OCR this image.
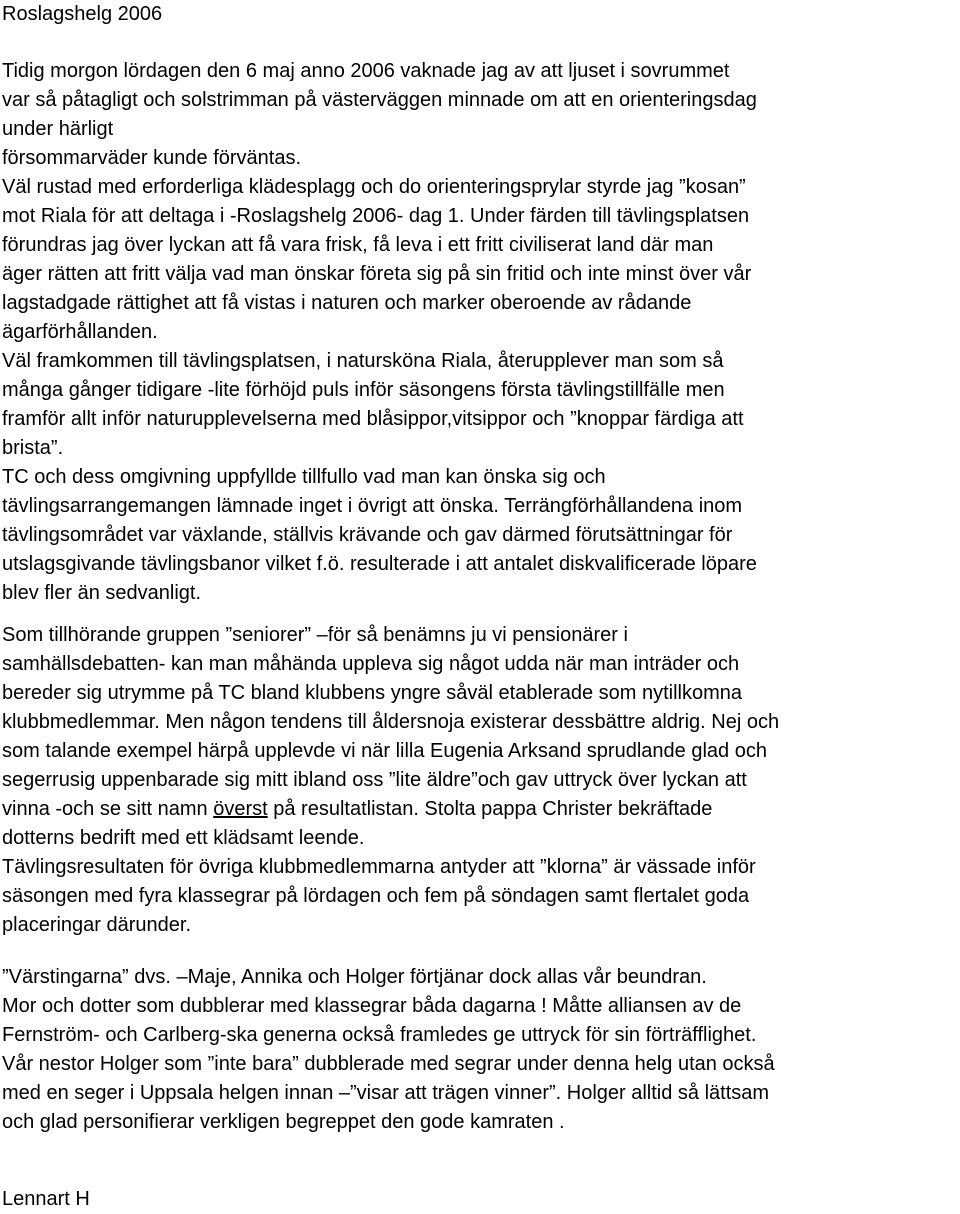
Roslagshelg 2006
Tidig morgon lördagen den 6 maj anno 2006 vaknade jag av att ljuset i sovrummet
var så påtagligt och solstrimman på västerväggen minnade om att en orienteringsdag
under härligt
försommarväder kunde förväntas.
Väl rustad med erforderliga klädesplagg och do orienteringsprylar styrde jag ”kosan”
mot Riala för att deltaga i -Roslagshelg 2006- dag 1. Under färden till tävlingsplatsen
förundras jag över lyckan att få vara frisk, få leva i ett fritt civiliserat land där man
äger rätten att fritt välja vad man önskar företa sig på sin fritid och inte minst över vår
lagstadgade rättighet att få vistas i naturen och marker oberoende av rådande
ägarförhållanden.
Väl framkommen till tävlingsplatsen, i natursköna Riala, återupplever man som så
många gånger tidigare -lite förhöjd puls inför säsongens första tävlingstillfälle men
framför allt inför naturupplevelserna med blåsippor,vitsippor och ”knoppar färdiga att
brista”.
TC och dess omgivning uppfyllde tillfullo vad man kan önska sig och
tävlingsarrangemangen lämnade inget i övrigt att önska. Terrängförhållandena inom
tävlingsområdet var växlande, ställvis krävande och gav därmed förutsättningar för
utslagsgivande tävlingsbanor vilket f.ö. resulterade i att antalet diskvalificerade löpare
blev fler än sedvanligt.
Som tillhörande gruppen ”seniorer” –för så benämns ju vi pensionärer i
samhällsdebatten- kan man måhända uppleva sig något udda när man inträder och
bereder sig utrymme på TC bland klubbens yngre såväl etablerade som nytillkomna
klubbmedlemmar. Men någon tendens till åldersnoja existerar dessbättre aldrig. Nej och
som talande exempel härpå upplevde vi när lilla Eugenia Arksand sprudlande glad och
segerrusig uppenbarade sig mitt ibland oss ”lite äldre”och gav uttryck över lyckan att
vinna -och se sitt namn överst på resultatlistan. Stolta pappa Christer bekräftade
dotterns bedrift med ett klädsamt leende.
Tävlingsresultaten för övriga klubbmedlemmarna antyder att ”klorna” är vässade inför
säsongen med fyra klassegrar på lördagen och fem på söndagen samt flertalet goda
placeringar därunder.
”Värstingarna” dvs. –Maje, Annika och Holger förtjänar dock allas vår beundran.
Mor och dotter som dubblerar med klassegrar båda dagarna ! Måtte alliansen av de
Fernström- och Carlberg-ska generna också framledes ge uttryck för sin förträfflighet.
Vår nestor Holger som ”inte bara” dubblerade med segrar under denna helg utan också
med en seger i Uppsala helgen innan –”visar att trägen vinner”. Holger alltid så lättsam
och glad personifierar verkligen begreppet den gode kamraten .
Lennart H
